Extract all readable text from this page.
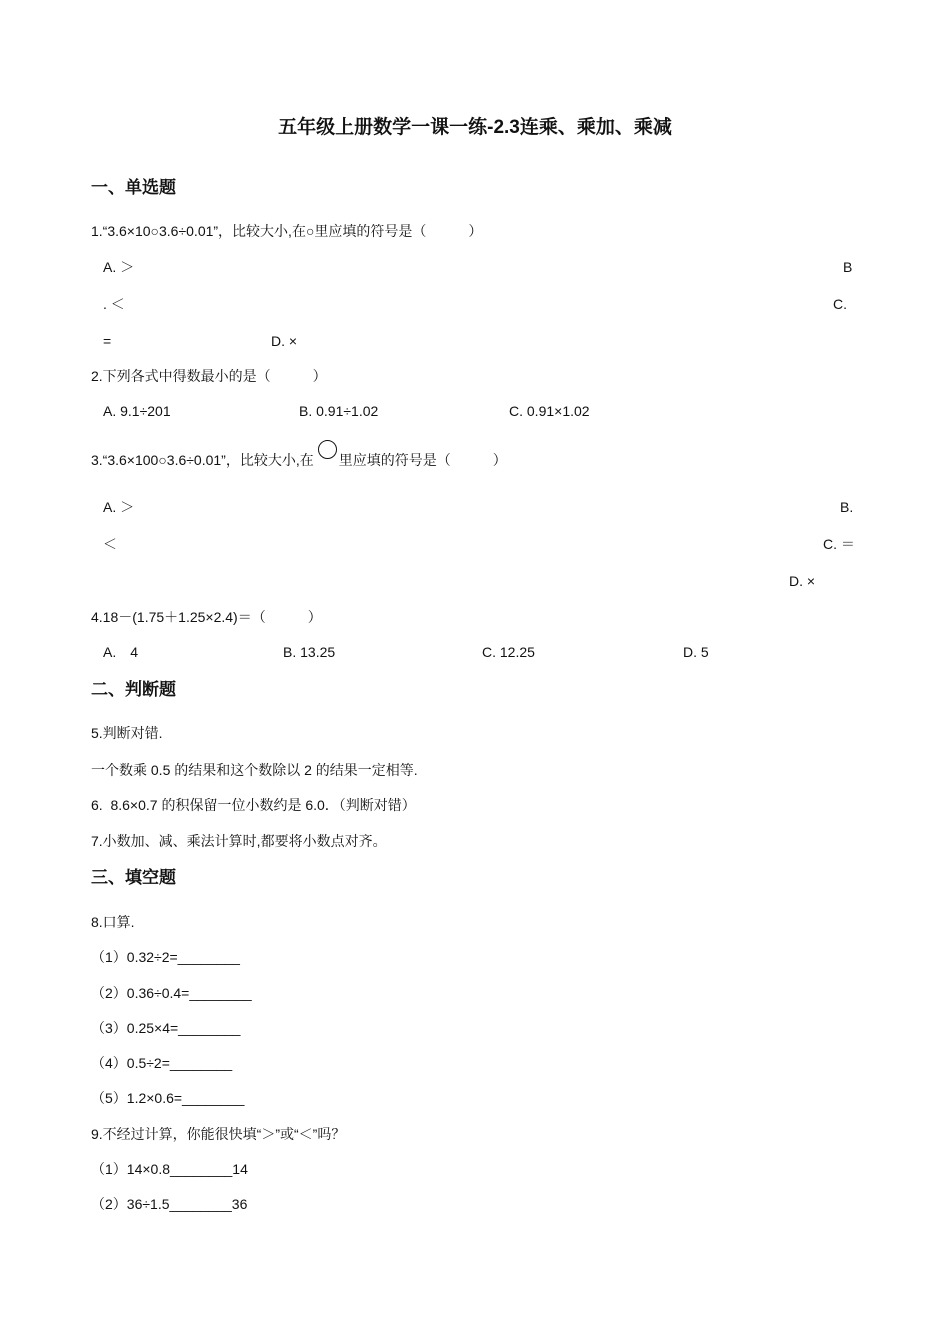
五年级上册数学一课一练-2.3连乘、乘加、乘减
一、单选题
1.“3.6×10○3.6÷0.01”，比较大小,在○里应填的符号是（　　　）
A. ＞	B
. ＜	C.
=	D. ×
2.下列各式中得数最小的是（　　　）
A. 9.1÷201	B. 0.91÷1.02	C. 0.91×1.02
3.“3.6×100○3.6÷0.01”，比较大小,在 里应填的符号是（　　　）
A. ＞	B.
＜	C. ＝
D. ×
4.18－(1.75＋1.25×2.4)＝（　　　）
A.　4	B. 13.25	C. 12.25	D. 5
二、判断题
5.判断对错.
一个数乘 0.5 的结果和这个数除以 2 的结果一定相等.
6.  8.6×0.7 的积保留一位小数约是 6.0．（判断对错）
7.小数加、减、乘法计算时,都要将小数点对齐。
三、填空题
8.口算.
（1）0.32÷2=________
（2）0.36÷0.4=________
（3）0.25×4=________
（4）0.5÷2=________
（5）1.2×0.6=________
9.不经过计算，你能很快填“＞”或“＜”吗？
（1）14×0.8________14
（2）36÷1.5________36
